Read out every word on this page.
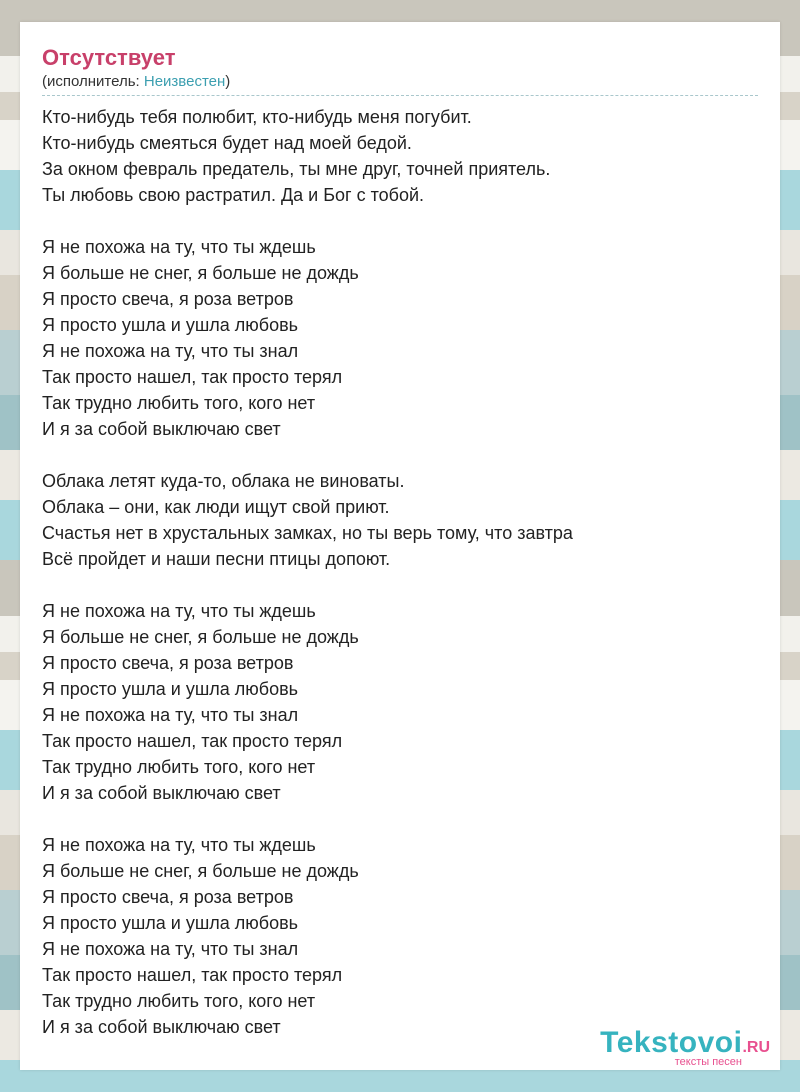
Отсутствует
(исполнитель: Неизвестен)
Кто-нибудь тебя полюбит, кто-нибудь меня погубит.
Кто-нибудь смеяться будет над моей бедой.
За окном февраль предатель, ты мне друг, точней приятель.
Ты любовь свою растратил. Да и Бог с тобой.
Я не похожа на ту, что ты ждешь
Я больше не снег, я больше не дождь
Я просто свеча, я роза ветров
Я просто ушла и ушла любовь
Я не похожа на ту, что ты знал
Так просто нашел, так просто терял
Так трудно любить того, кого нет
И я за собой выключаю свет
Облака летят куда-то, облака не виноваты.
Облака – они, как люди ищут свой приют.
Счастья нет в хрустальных замках, но ты верь тому, что завтра
Всё пройдет и наши песни птицы допоют.
Я не похожа на ту, что ты ждешь
Я больше не снег, я больше не дождь
Я просто свеча, я роза ветров
Я просто ушла и ушла любовь
Я не похожа на ту, что ты знал
Так просто нашел, так просто терял
Так трудно любить того, кого нет
И я за собой выключаю свет
Я не похожа на ту, что ты ждешь
Я больше не снег, я больше не дождь
Я просто свеча, я роза ветров
Я просто ушла и ушла любовь
Я не похожа на ту, что ты знал
Так просто нашел, так просто терял
Так трудно любить того, кого нет
И я за собой выключаю свет	Tekstovoi.RU
тексты песен
